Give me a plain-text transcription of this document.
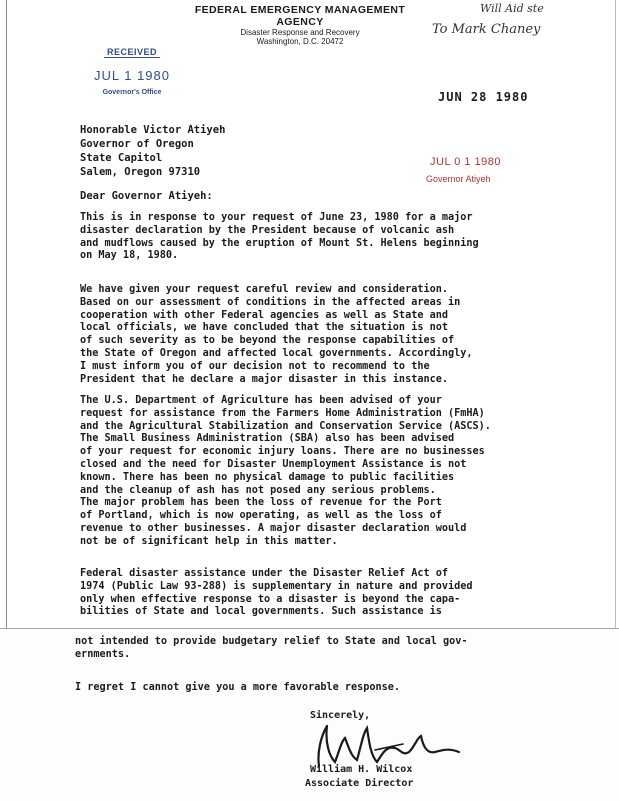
FEDERAL EMERGENCY MANAGEMENT AGENCY
Disaster Response and Recovery
Washington, D.C. 20472
Will Aid ste
To Mark Chaney
RECEIVED
JUL 1 1980
Governor's Office	JUN 28 1980
Honorable Victor Atiyeh
Governor of Oregon
State Capitol
Salem, Oregon 97310
JUL 0 1 1980
Governor Atiyeh
Dear Governor Atiyeh:

This is in response to your request of June 23, 1980 for a major
disaster declaration by the President because of volcanic ash
and mudflows caused by the eruption of Mount St. Helens beginning
on May 18, 1980.

We have given your request careful review and consideration.
Based on our assessment of conditions in the affected areas in
cooperation with other Federal agencies as well as State and
local officials, we have concluded that the situation is not
of such severity as to be beyond the response capabilities of
the State of Oregon and affected local governments. Accordingly,
I must inform you of our decision not to recommend to the
President that he declare a major disaster in this instance.

The U.S. Department of Agriculture has been advised of your
request for assistance from the Farmers Home Administration (FmHA)
and the Agricultural Stabilization and Conservation Service (ASCS).
The Small Business Administration (SBA) also has been advised
of your request for economic injury loans. There are no businesses
closed and the need for Disaster Unemployment Assistance is not
known. There has been no physical damage to public facilities
and the cleanup of ash has not posed any serious problems.
The major problem has been the loss of revenue for the Port
of Portland, which is now operating, as well as the loss of
revenue to other businesses. A major disaster declaration would
not be of significant help in this matter.

Federal disaster assistance under the Disaster Relief Act of
1974 (Public Law 93-288) is supplementary in nature and provided
only when effective response to a disaster is beyond the capa-
bilities of State and local governments. Such assistance is

not intended to provide budgetary relief to State and local gov-
ernments.

I regret I cannot give you a more favorable response.

Sincerely,
William H. Wilcox
Associate Director
